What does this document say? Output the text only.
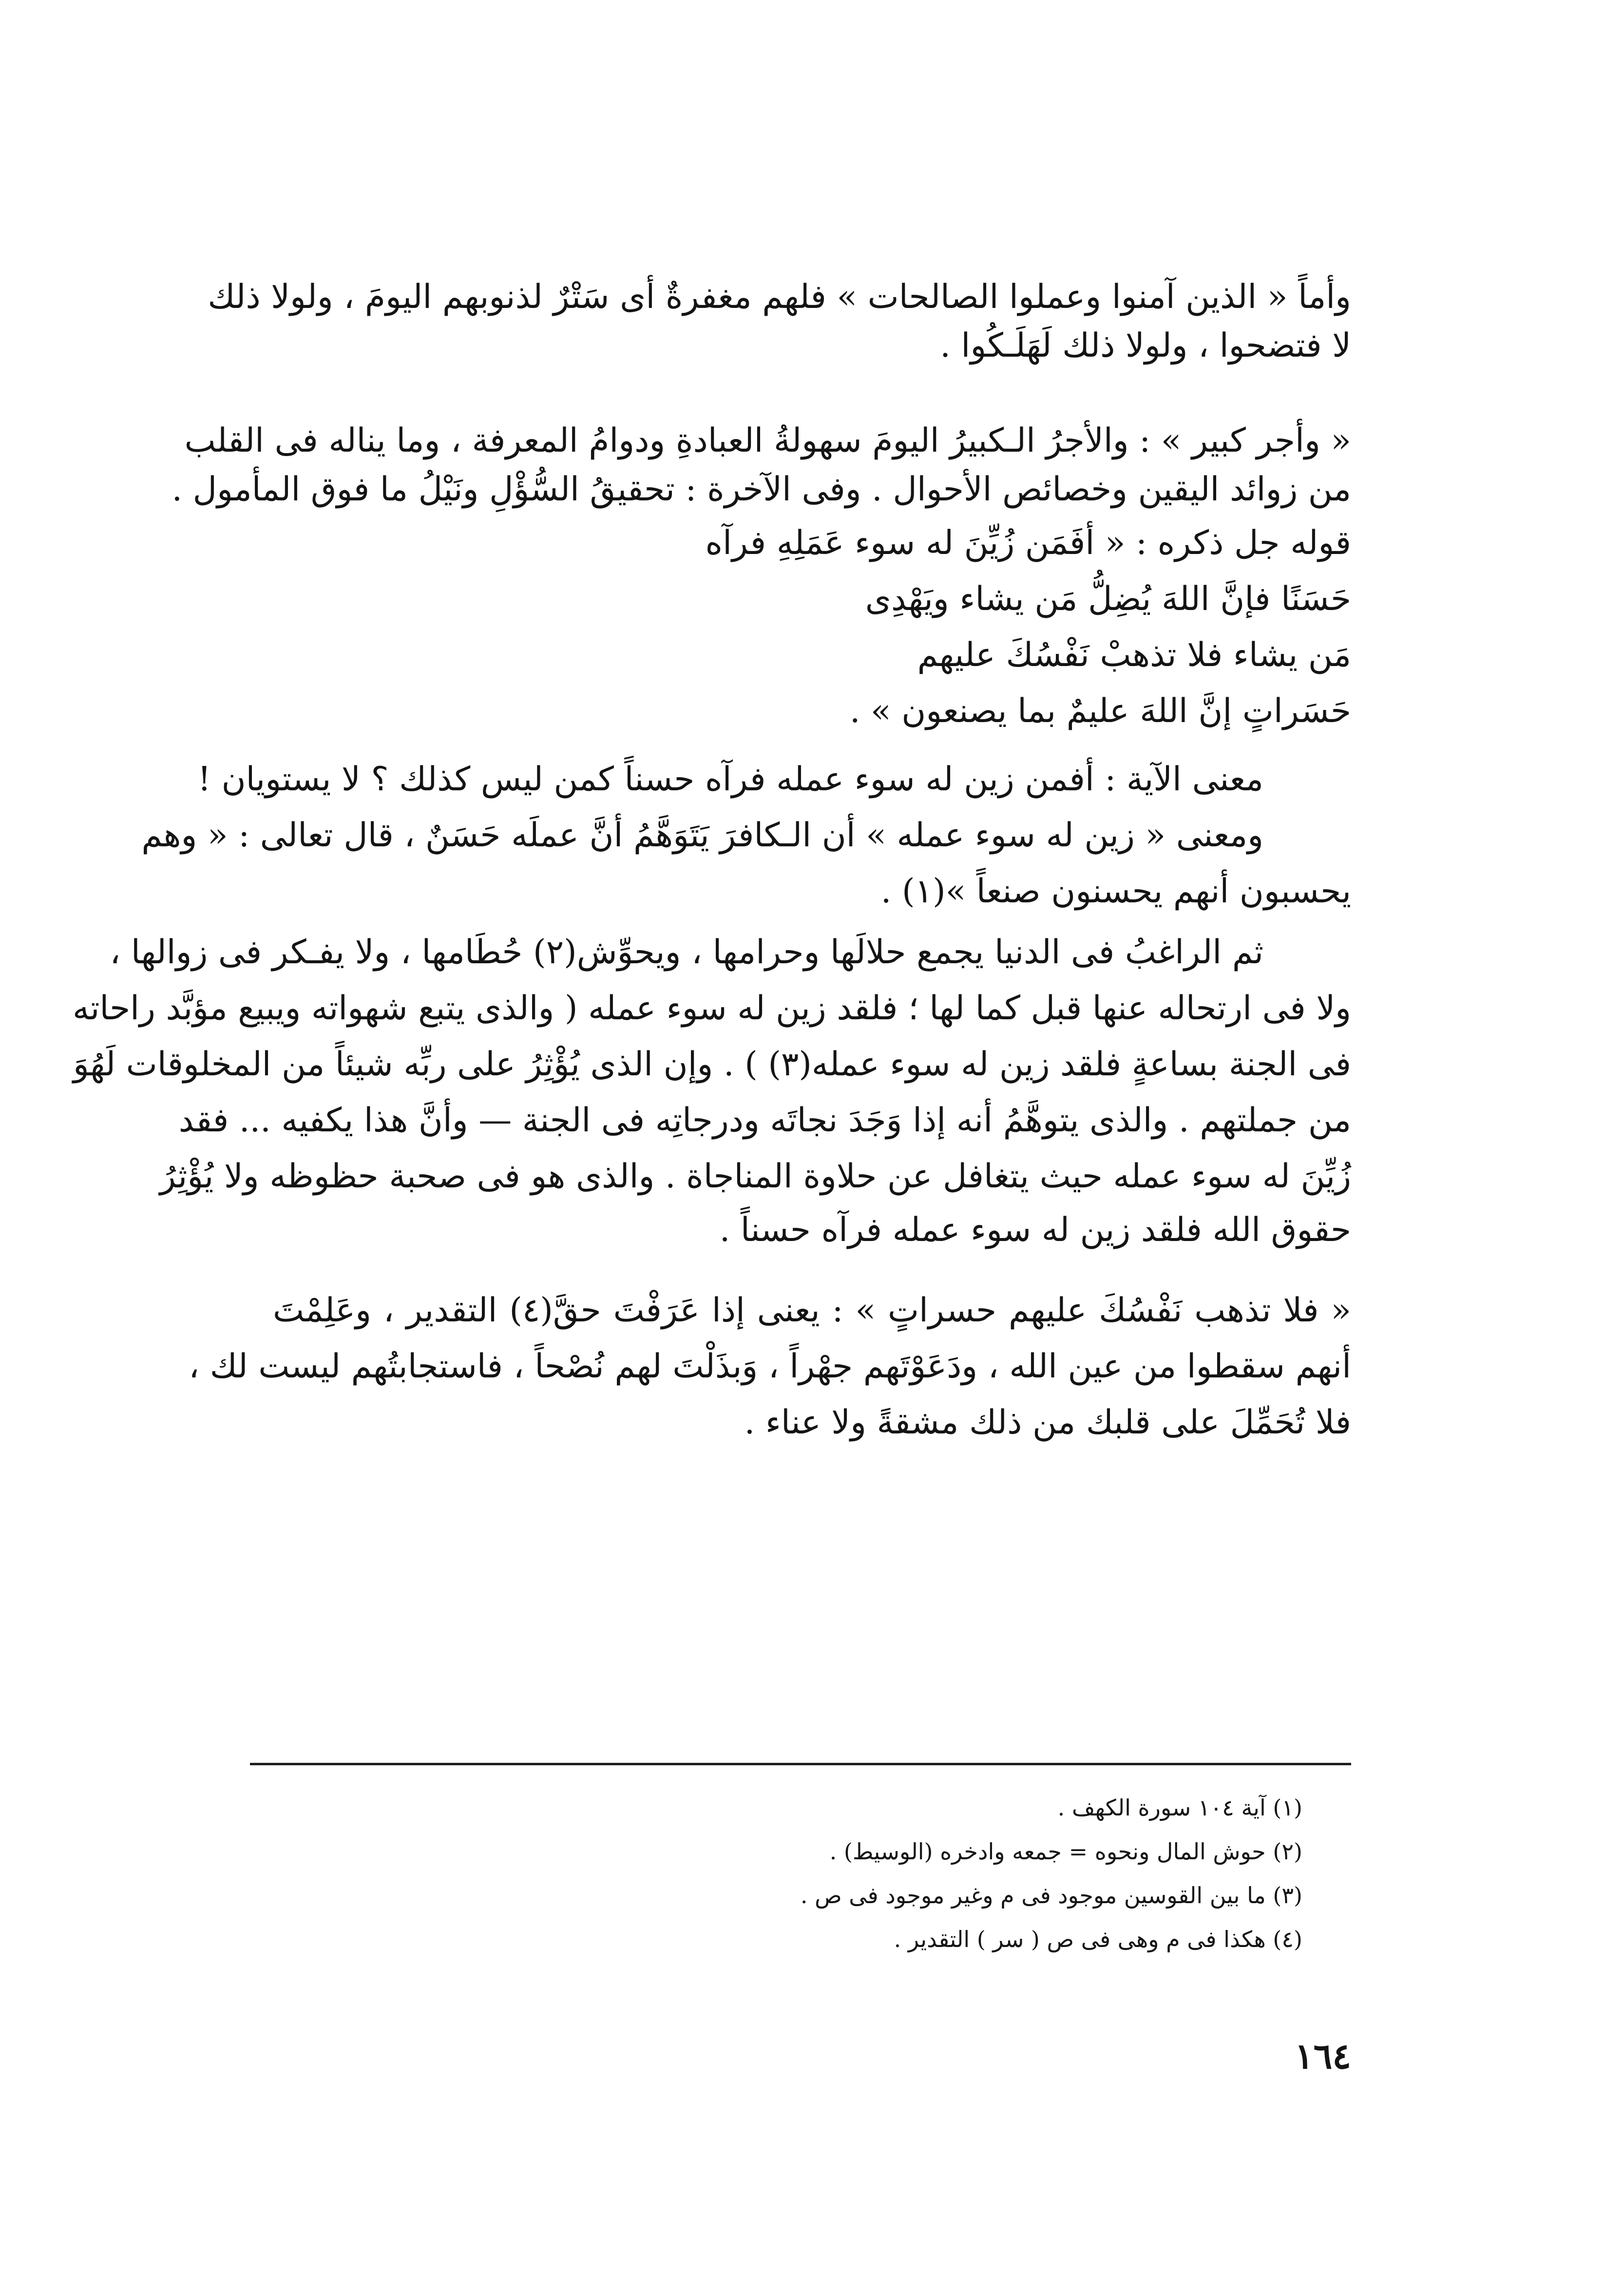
وأماً « الذين آمنوا وعملوا الصالحات » فلهم مغفرةٌ أى سَتْرٌ لذنوبهم اليومَ ، ولولا ذلك
لا فتضحوا ، ولولا ذلك لَهَلَـكُوا .
« وأجر كبير » : والأجرُ الـكبيرُ اليومَ سهولةُ العبادةِ ودوامُ المعرفة ، وما يناله فى القلب
من زوائد اليقين وخصائص الأحوال . وفى الآخرة : تحقيقُ السُّؤْلِ ونَيْلُ ما فوق المأمول .
قوله جل ذكره : « أفَمَن زُيِّنَ له سوء عَمَلِهِ فرآه
حَسَنًا فإنَّ اللهَ يُضِلُّ مَن يشاء ويَهْدِى
مَن يشاء فلا تذهبْ نَفْسُكَ عليهم
حَسَراتٍ إنَّ اللهَ عليمٌ بما يصنعون » .
معنى الآية : أفمن زين له سوء عمله فرآه حسناً كمن ليس كذلك ؟ لا يستويان !
ومعنى « زين له سوء عمله » أن الـكافرَ يَتَوَهَّمُ أنَّ عملَه حَسَنٌ ، قال تعالى : « وهم
يحسبون أنهم يحسنون صنعاً »(١) .
ثم الراغبُ فى الدنيا يجمع حلالَها وحرامها ، ويحوِّش(٢) حُطَامها ، ولا يفـكر فى زوالها ،
ولا فى ارتحاله عنها قبل كما لها ؛ فلقد زين له سوء عمله ( والذى يتبع شهواته ويبيع مؤبَّد راحاته
فى الجنة بساعةٍ فلقد زين له سوء عمله(٣) ) . وإن الذى يُؤْثِرُ على ربِّه شيئاً من المخلوقات لَهُوَ
من جملتهم . والذى يتوهَّمُ أنه إذا وَجَدَ نجاتَه ودرجاتِه فى الجنة — وأنَّ هذا يكفيه ... فقد
زُيِّنَ له سوء عمله حيث يتغافل عن حلاوة المناجاة . والذى هو فى صحبة حظوظه ولا يُؤْثِرُ
حقوق الله فلقد زين له سوء عمله فرآه حسناً .
« فلا تذهب نَفْسُكَ عليهم حسراتٍ » : يعنى إذا عَرَفْتَ حقَّ(٤) التقدير ، وعَلِمْتَ
أنهم سقطوا من عين الله ، ودَعَوْتَهم جهْراً ، وَبذَلْتَ لهم نُصْحاً ، فاستجابتُهم ليست لك ،
فلا تُحَمِّلَ على قلبك من ذلك مشقةً ولا عناء .
(١) آية ١٠٤ سورة الكهف .
(٢) حوش المال ونحوه = جمعه وادخره (الوسيط) .
(٣) ما بين القوسين موجود فى م وغير موجود فى ص .
(٤) هكذا فى م وهى فى ص ( سر ) التقدير .
١٦٤
